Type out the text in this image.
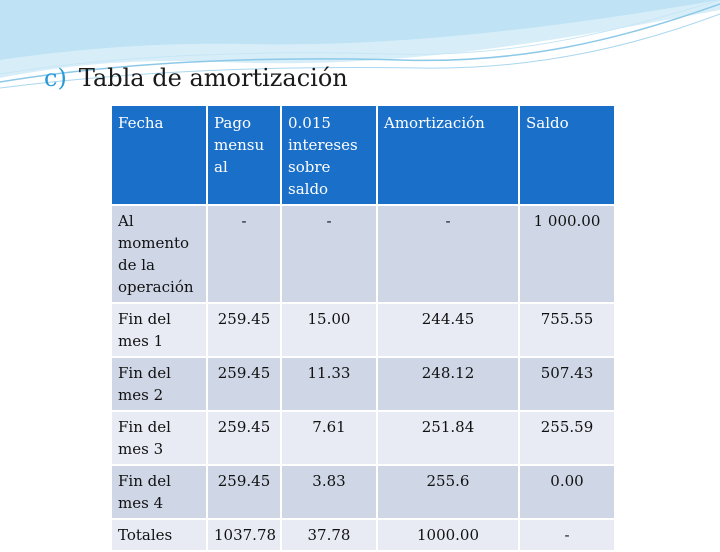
c) Tabla de amortización
Fecha	Pago mensu al	0.015 intereses sobre saldo	Amortización	Saldo
Al momento de la operación	-	-	-	1 000.00
Fin del mes 1	259.45	15.00	244.45	755.55
Fin del mes 2	259.45	11.33	248.12	507.43
Fin del mes 3	259.45	7.61	251.84	255.59
Fin del mes 4	259.45	3.83	255.6	0.00
Totales	1037.78	37.78	1000.00	-
